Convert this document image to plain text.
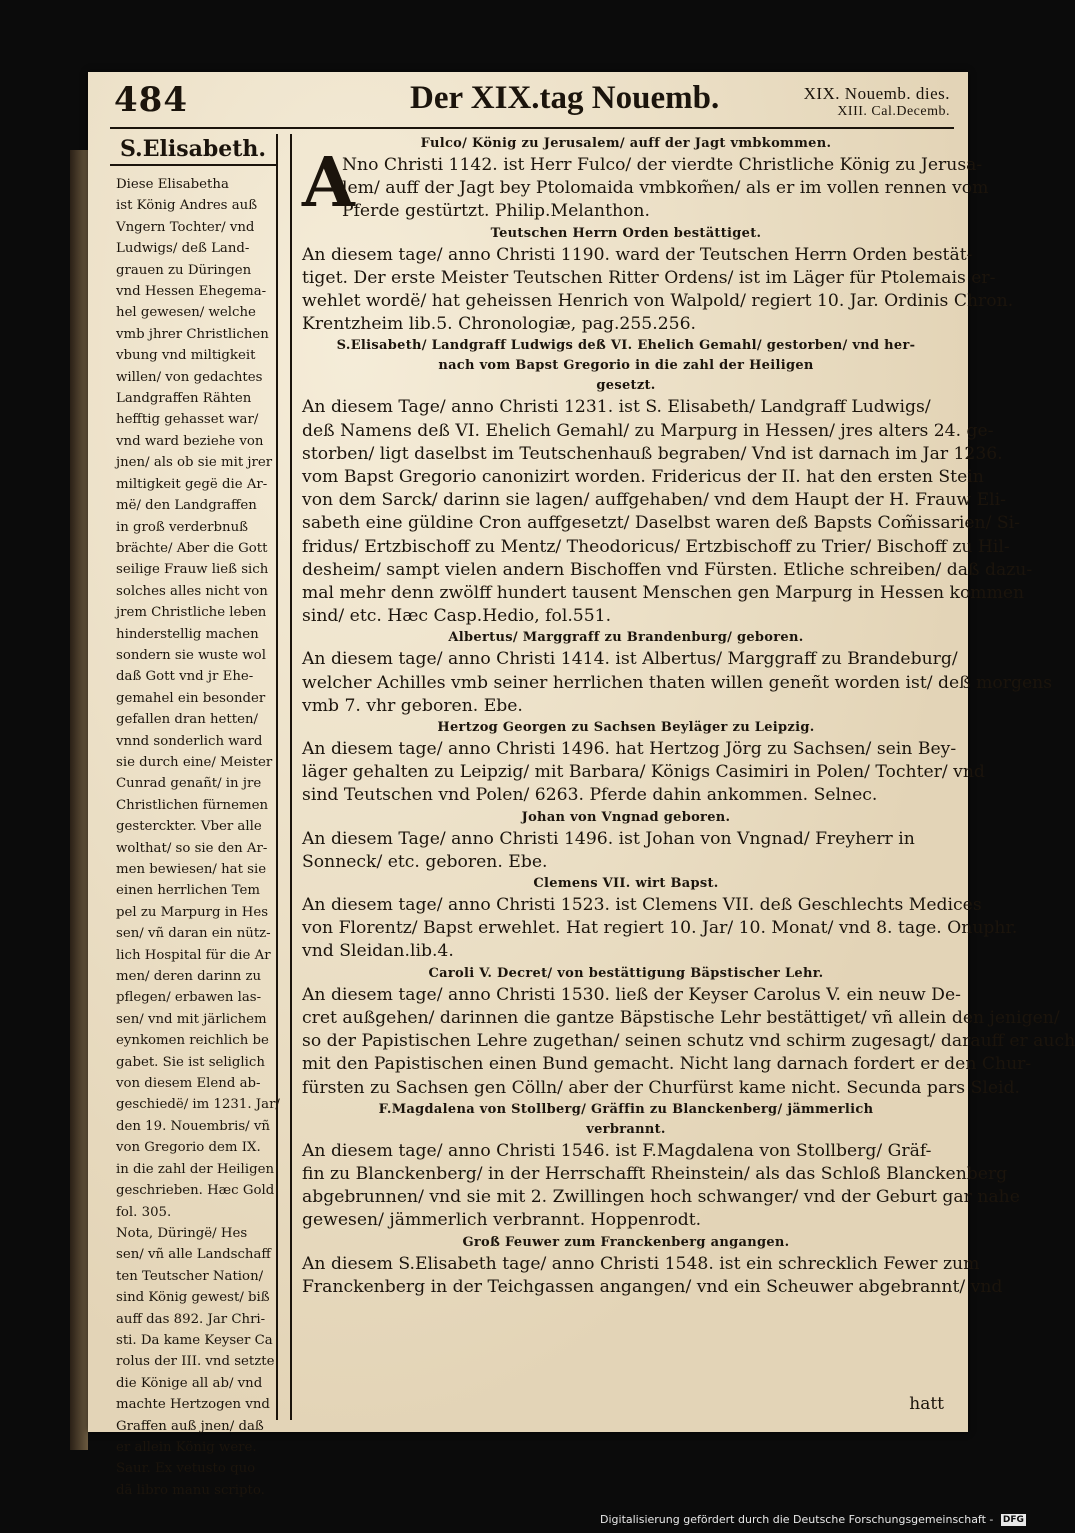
484	Der XIX.tag Nouemb.	XIX. Nouemb. dies.
XIII. Cal.Decemb.
S.Elisabeth.
Diese Elisabetha
ist König Andres auß
Vngern Tochter/ vnd
Ludwigs/ deß Land-
grauen zu Düringen
vnd Hessen Ehegema-
hel gewesen/ welche
vmb jhrer Christlichen
vbung vnd miltigkeit
willen/ von gedachtes
Landgraffen Rähten
hefftig gehasset war/
vnd ward beziehe von
jnen/ als ob sie mit jrer
miltigkeit gegë die Ar-
më/ den Landgraffen
in groß verderbnuß
brächte/ Aber die Gott
seilige Frauw ließ sich
solches alles nicht von
jrem Christliche leben
hinderstellig machen
sondern sie wuste wol
daß Gott vnd jr Ehe-
gemahel ein besonder
gefallen dran hetten/
vnnd sonderlich ward
sie durch eine/ Meister
Cunrad genañt/ in jre
Christlichen fürnemen
gesterckter. Vber alle
wolthat/ so sie den Ar-
men bewiesen/ hat sie
einen herrlichen Tem
pel zu Marpurg in Hes
sen/ vñ daran ein nütz-
lich Hospital für die Ar
men/ deren darinn zu
pflegen/ erbawen las-
sen/ vnd mit järlichem
eynkomen reichlich be
gabet. Sie ist seliglich
von diesem Elend ab-
geschiedë/ im 1231. Jar/
den 19. Nouembris/ vñ
von Gregorio dem IX.
in die zahl der Heiligen
geschrieben. Hæc Gold
fol. 305.
Nota, Düringë/ Hes
sen/ vñ alle Landschaff
ten Teutscher Nation/
sind König gewest/ biß
auff das 892. Jar Chri-
sti. Da kame Keyser Ca
rolus der III. vnd setzte
die Könige all ab/ vnd
machte Hertzogen vnd
Graffen auß jnen/ daß
er allein König were.
Saur. Ex vetusto quo
dã libro manu scripto.
A	Fulco/ König zu Jerusalem/ auff der Jagt vmbkommen.
Nno Christi 1142. ist Herr Fulco/ der vierdte Christliche König zu Jerusa-
lem/ auff der Jagt bey Ptolomaida vmbkom̃en/ als er im vollen rennen vom
Pferde gestürtzt. Philip.Melanthon.
Teutschen Herrn Orden bestättiget.
An diesem tage/ anno Christi 1190. ward der Teutschen Herrn Orden bestät-
tiget. Der erste Meister Teutschen Ritter Ordens/ ist im Läger für Ptolemais er-
wehlet wordë/ hat geheissen Henrich von Walpold/ regiert 10. Jar. Ordinis Chron.
Krentzheim lib.5. Chronologiæ, pag.255.256.
S.Elisabeth/ Landgraff Ludwigs deß VI. Ehelich Gemahl/ gestorben/ vnd her-
nach vom Bapst Gregorio in die zahl der Heiligen
gesetzt.
An diesem Tage/ anno Christi 1231. ist S. Elisabeth/ Landgraff Ludwigs/
deß Namens deß VI. Ehelich Gemahl/ zu Marpurg in Hessen/ jres alters 24. ge-
storben/ ligt daselbst im Teutschenhauß begraben/ Vnd ist darnach im Jar 1236.
vom Bapst Gregorio canonizirt worden. Fridericus der II. hat den ersten Stein
von dem Sarck/ darinn sie lagen/ auffgehaben/ vnd dem Haupt der H. Frauw Eli-
sabeth eine güldine Cron auffgesetzt/ Daselbst waren deß Bapsts Com̃issarien/ Si-
fridus/ Ertzbischoff zu Mentz/ Theodoricus/ Ertzbischoff zu Trier/ Bischoff zu Hil-
desheim/ sampt vielen andern Bischoffen vnd Fürsten. Etliche schreiben/ daß dazu-
mal mehr denn zwölff hundert tausent Menschen gen Marpurg in Hessen kommen
sind/ etc. Hæc Casp.Hedio, fol.551.
Albertus/ Marggraff zu Brandenburg/ geboren.
An diesem tage/ anno Christi 1414. ist Albertus/ Marggraff zu Brandeburg/
welcher Achilles vmb seiner herrlichen thaten willen geneñt worden ist/ deß morgens
vmb 7. vhr geboren. Ebe.
Hertzog Georgen zu Sachsen Beyläger zu Leipzig.
An diesem tage/ anno Christi 1496. hat Hertzog Jörg zu Sachsen/ sein Bey-
läger gehalten zu Leipzig/ mit Barbara/ Königs Casimiri in Polen/ Tochter/ vnd
sind Teutschen vnd Polen/ 6263. Pferde dahin ankommen. Selnec.
Johan von Vngnad geboren.
An diesem Tage/ anno Christi 1496. ist Johan von Vngnad/ Freyherr in
Sonneck/ etc. geboren. Ebe.
Clemens VII. wirt Bapst.
An diesem tage/ anno Christi 1523. ist Clemens VII. deß Geschlechts Medices
von Florentz/ Bapst erwehlet. Hat regiert 10. Jar/ 10. Monat/ vnd 8. tage. Onuphr.
vnd Sleidan.lib.4.
Caroli V. Decret/ von bestättigung Bäpstischer Lehr.
An diesem tage/ anno Christi 1530. ließ der Keyser Carolus V. ein neuw De-
cret außgehen/ darinnen die gantze Bäpstische Lehr bestättiget/ vñ allein den jenigen/
so der Papistischen Lehre zugethan/ seinen schutz vnd schirm zugesagt/ darauff er auch
mit den Papistischen einen Bund gemacht. Nicht lang darnach fordert er den Chur-
fürsten zu Sachsen gen Cölln/ aber der Churfürst kame nicht. Secunda pars Sleid.
F.Magdalena von Stollberg/ Gräffin zu Blanckenberg/ jämmerlich
verbrannt.
An diesem tage/ anno Christi 1546. ist F.Magdalena von Stollberg/ Gräf-
fin zu Blanckenberg/ in der Herrschafft Rheinstein/ als das Schloß Blanckenberg
abgebrunnen/ vnd sie mit 2. Zwillingen hoch schwanger/ vnd der Geburt gar nahe
gewesen/ jämmerlich verbrannt. Hoppenrodt.
Groß Feuwer zum Franckenberg angangen.
An diesem S.Elisabeth tage/ anno Christi 1548. ist ein schrecklich Fewer zum
Franckenberg in der Teichgassen angangen/ vnd ein Scheuwer abgebrannt/ vnd
hatt
Digitalisierung gefördert durch die Deutsche Forschungsgemeinschaft - DFG
